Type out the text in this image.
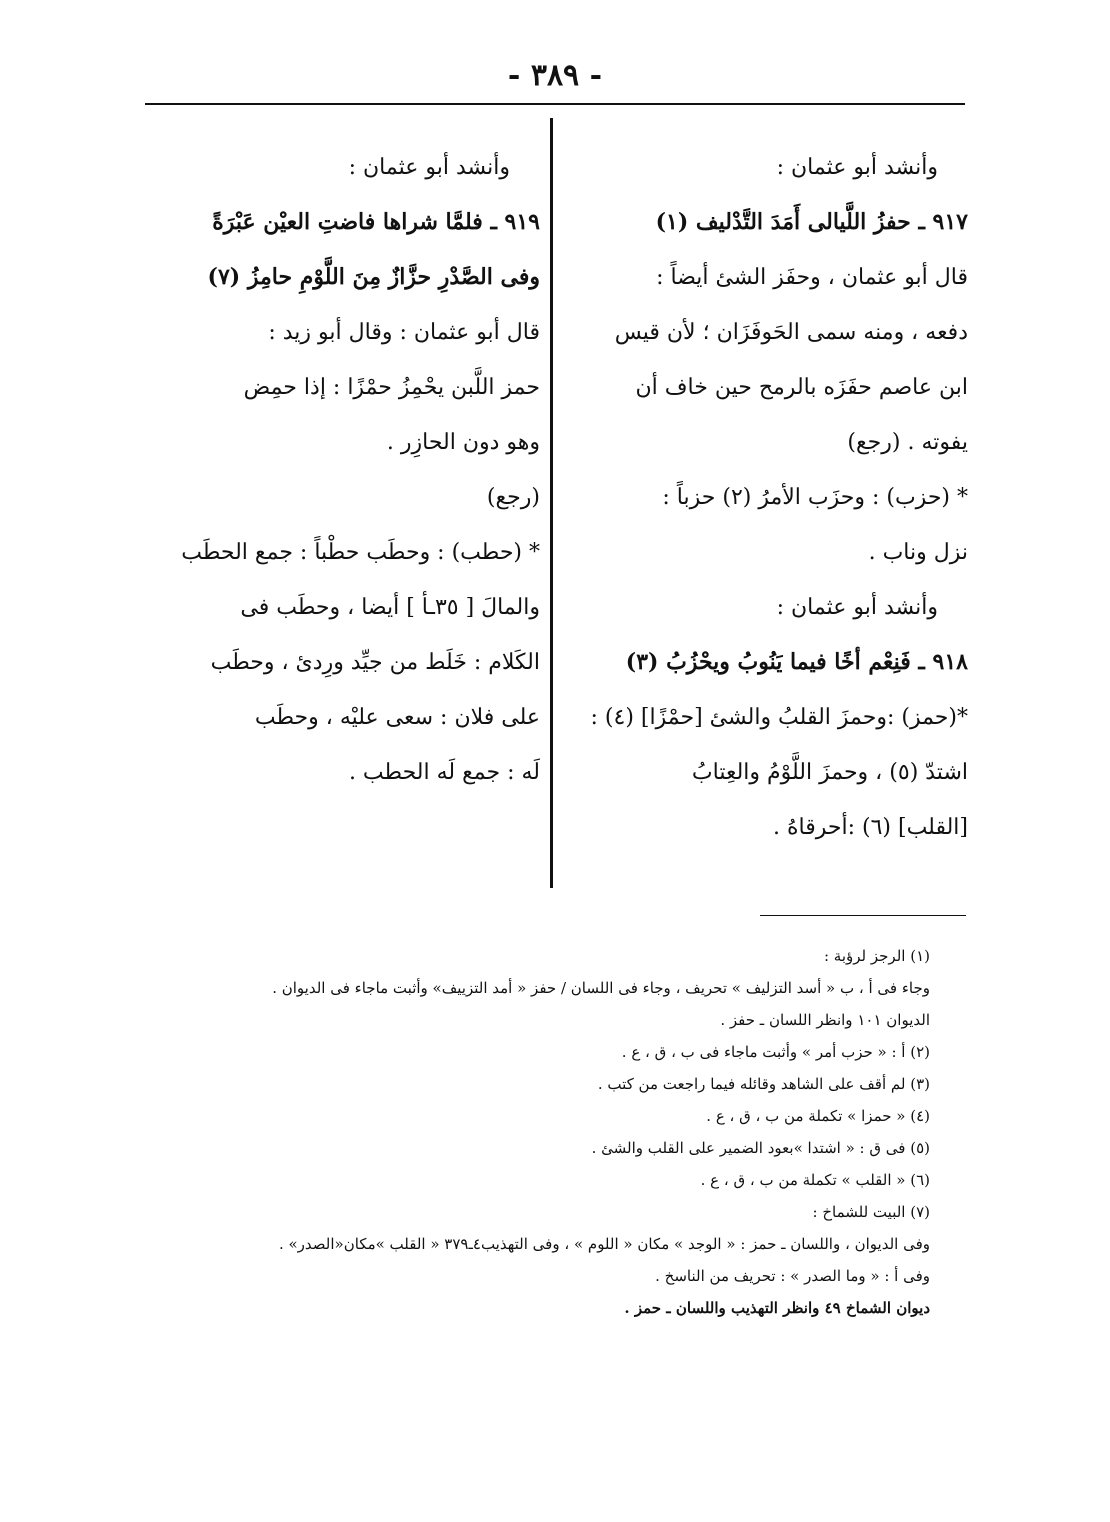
- ٣٨٩ -
وأنشد أبو عثمان :
٩١٧ ـ حفزُ اللَّيالى أَمَدَ التَّدْليف (١)
قال أبو عثمان ، وحفَز الشئ أيضاً :
دفعه ، ومنه سمى الحَوفَزَان ؛ لأن قيس
ابن عاصم حفَزَه بالرمح حين خاف أن
يفوته . (رجع)
* (حزب) : وحزَب الأمرُ (٢) حزباً :
نزل وناب .
وأنشد أبو عثمان :
٩١٨ ـ فَنِعْم أخًا فيما يَنُوبُ ويحْزُبُ (٣)
*(حمز) :وحمزَ القلبُ والشئ [حمْزًا] (٤) :
اشتدّ (٥) ، وحمزَ اللَّوْمُ والعِتابُ
[القلب] (٦) :أحرقاهُ .
وأنشد أبو عثمان :
٩١٩ ـ فلمَّا شراها فاضتِ العيْن عَبْرَةً
وفى الصَّدْرِ حزَّازٌ مِنَ اللَّوْمِ حامِزُ (٧)
قال أبو عثمان : وقال أبو زيد :
حمز اللَّبن يحْمِزُ حمْزًا : إذا حمِض
وهو دون الحازِر .
(رجع)
* (حطب) : وحطَب حطْباً : جمع الحطَب
والمالَ [ ٣٥ـأ ] أيضا ، وحطَب فى
الكَلام : خَلَط من جيِّد ورِدئ ، وحطَب
على فلان : سعى عليْه ، وحطَب
لَه : جمع لَه الحطب .
(١) الرجز لرؤبة :
وجاء فى أ ، ب « أسد التزليف » تحريف ، وجاء فى اللسان / حفز « أمد التزييف» وأثبت ماجاء فى الديوان .
الديوان ١٠١ وانظر اللسان ـ حفز .
(٢) أ : « حزب أمر » وأثبت ماجاء فى ب ، ق ، ع .
(٣) لم أقف على الشاهد وقائله فيما راجعت من كتب .
(٤) « حمزا » تكملة من ب ، ق ، ع .
(٥) فى ق : « اشتدا »بعود الضمير على القلب والشئ .
(٦) « القلب » تكملة من ب ، ق ، ع .
(٧) البيت للشماخ :
وفى الديوان ، واللسان ـ حمز : « الوجد » مكان « اللوم » ، وفى التهذيب٤ـ٣٧٩ « القلب »مكان«الصدر» .
وفى أ : « وما الصدر » : تحريف من الناسخ .
ديوان الشماخ ٤٩ وانظر التهذيب واللسان ـ حمز .
